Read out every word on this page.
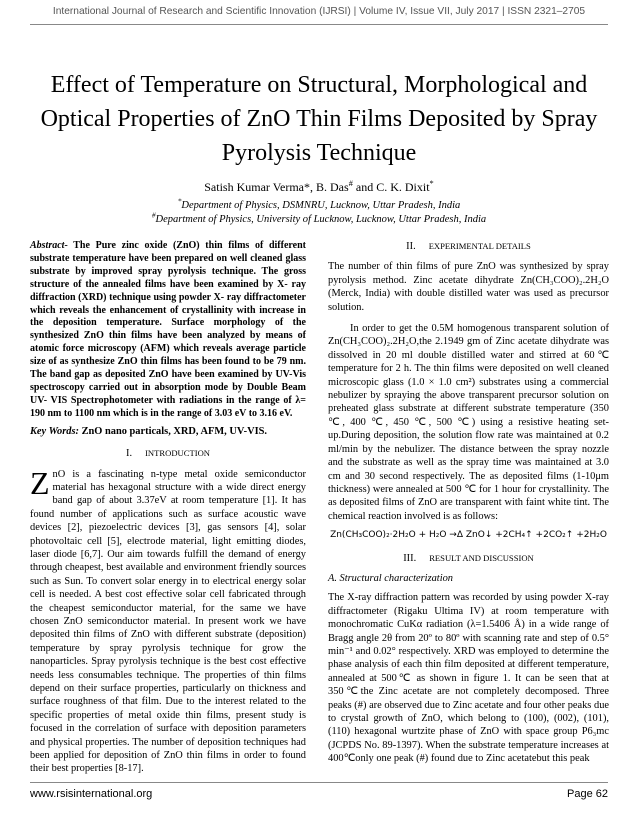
International Journal of Research and Scientific Innovation (IJRSI) | Volume IV, Issue VII, July 2017 | ISSN 2321–2705
Effect of Temperature on Structural, Morphological and Optical Properties of ZnO Thin Films Deposited by Spray Pyrolysis Technique
Satish Kumar Verma*, B. Das# and C. K. Dixit*
*Department of Physics, DSMNRU, Lucknow, Uttar Pradesh, India
#Department of Physics, University of Lucknow, Lucknow, Uttar Pradesh, India

Abstract- The Pure zinc oxide (ZnO) thin films of different substrate temperature have been prepared on well cleaned glass substrate by improved spray pyrolysis technique. The gross structure of the annealed films have been examined by X- ray diffraction (XRD) technique using powder X- ray diffractometer which reveals the enhancement of crystallinity with increase in the deposition temperature. Surface morphology of the synthesized ZnO thin films have been analyzed by means of atomic force microscopy (AFM) which reveals average particle size of as synthesize ZnO thin films has been found to be 79 nm. The band gap as deposited ZnO have been examined by UV-Vis spectroscopy carried out in absorption mode by Double Beam UV- VIS Spectrophotometer with radiations in the range of λ= 190 nm to 1100 nm which is in the range of 3.03 eV to 3.16 eV.

Key Words: ZnO nano particals, XRD, AFM, UV-VIS.

I. INTRODUCTION

ZnO is a fascinating n-type metal oxide semiconductor material has hexagonal structure with a wide direct energy band gap of about 3.37eV at room temperature [1]. It has found number of applications such as surface acoustic wave devices [2], piezoelectric devices [3], gas sensors [4], solar photovoltaic cell [5], electrode material, light emitting diodes, laser diode [6,7]. Our aim towards fulfill the demand of energy through cheapest, best available and environment friendly sources such as Sun. To convert solar energy in to electrical energy solar cell is needed. A best cost effective solar cell fabricated through the cheapest semiconductor material, for the same we have chosen ZnO semiconductor material. In present work we have deposited thin films of ZnO with different substrate (deposition) temperature by spray pyrolysis technique for grow the nanoparticles. Spray pyrolysis technique is the best cost effective needs less consumables technique. The properties of thin films depend on their surface properties, particularly on thickness and surface roughness of that film. Due to the interest related to the specific properties of metal oxide thin films, present study is focused in the correlation of surface with deposition parameters and physical properties. The number of deposition techniques had been applied for deposition of ZnO thin films in order to found their best properties [8-17].

II. EXPERIMENTAL DETAILS

The number of thin films of pure ZnO was synthesized by spray pyrolysis method. Zinc acetate dihydrate Zn(CH₃COO)₂.2H₂O (Merck, India) with double distilled water was used as precursor solution.

In order to get the 0.5M homogenous transparent solution of Zn(CH₃COO)₂.2H₂O,the 2.1949 gm of Zinc acetate dihydrate was dissolved in 20 ml double distilled water and stirred at 60℃ temperature for 2 h. The thin films were deposited on well cleaned microscopic glass (1.0 × 1.0 cm²) substrates using a commercial nebulizer by spraying the above transparent precursor solution on preheated glass substrate at different substrate temperature (350 ℃, 400 ℃, 450 ℃, 500 ℃) using a resistive heating set-up.During deposition, the solution flow rate was maintained at 0.2 ml/min by the nebulizer. The distance between the spray nozzle and the substrate as well as the spray time was maintained at 3.0 cm and 30 second respectively. The as deposited films (1-10μm thickness) were annealed at 500 ℃ for 1 hour for crystallinity. The as deposited films of ZnO are transparent with faint white tint. The chemical reaction involved is as follows:

Zn(CH₃COO)₂·2H₂O + H₂O →Δ ZnO↓ +2CH₄↑ +2CO₂↑ +2H₂O

III. RESULT AND DISCUSSION

A. Structural characterization

The X-ray diffraction pattern was recorded by using powder X-ray diffractometer (Rigaku Ultima IV) at room temperature with monochromatic CuKα radiation (λ=1.5406 Å) in a wide range of Bragg angle 2θ from 20º to 80º with scanning rate and step of 0.5° min⁻¹ and 0.02° respectively. XRD was employed to determine the phase analysis of each thin film deposited at different temperature, annealed at 500℃ as shown in figure 1. It can be seen that at 350℃the Zinc acetate are not completely decomposed. Three peaks (#) are observed due to Zinc acetate and four other peaks due to crystal growth of ZnO, which belong to (100), (002), (101), (110) hexagonal wurtzite phase of ZnO with space group P6₃mc (JCPDS No. 89-1397). When the substrate temperature increases at 400℃only one peak (#) found due to Zinc acetatebut this peak

www.rsisinternational.org	Page 62
